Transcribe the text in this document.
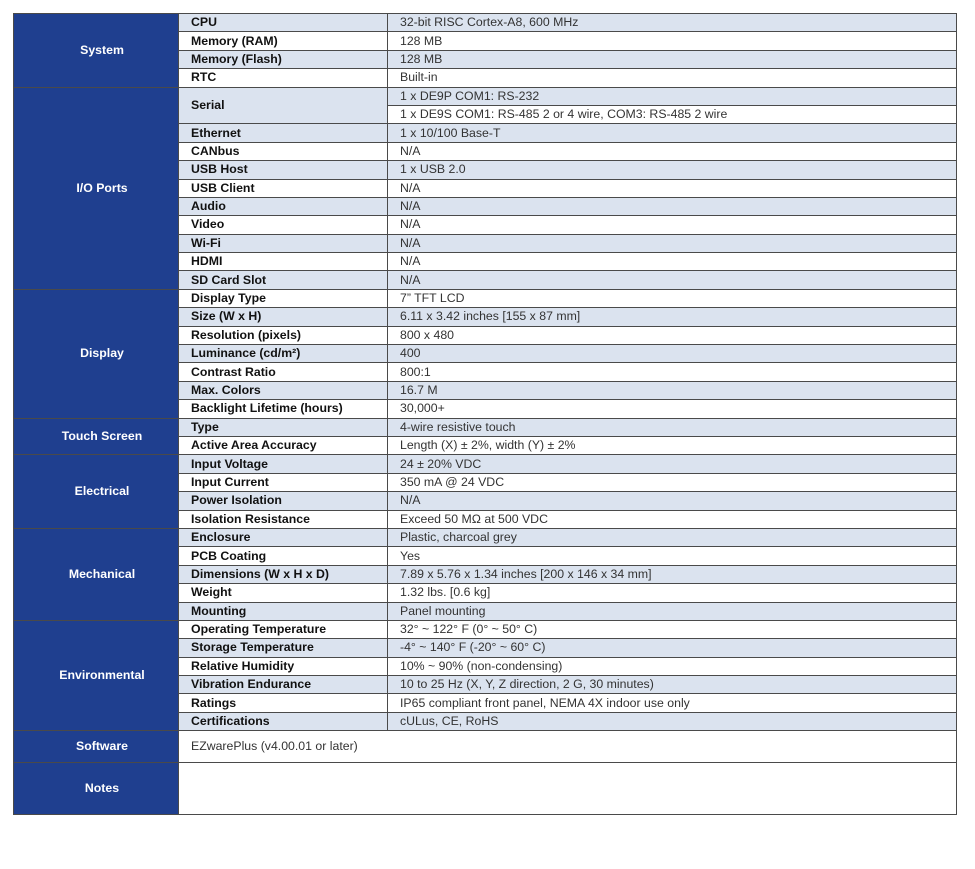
System	CPU	32-bit RISC Cortex-A8, 600 MHz
	Memory (RAM)	128 MB
	Memory (Flash)	128 MB
	RTC	Built-in
I/O Ports	Serial	1 x DE9P COM1: RS-232
		1 x DE9S COM1: RS-485 2 or 4 wire, COM3: RS-485 2 wire
	Ethernet	1 x 10/100 Base-T
	CANbus	N/A
	USB Host	1 x USB 2.0
	USB Client	N/A
	Audio	N/A
	Video	N/A
	Wi-Fi	N/A
	HDMI	N/A
	SD Card Slot	N/A
Display	Display Type	7” TFT LCD
	Size (W x H)	6.11 x 3.42 inches [155 x 87 mm]
	Resolution (pixels)	800 x 480
	Luminance (cd/m²)	400
	Contrast Ratio	800:1
	Max. Colors	16.7 M
	Backlight Lifetime (hours)	30,000+
Touch Screen	Type	4-wire resistive touch
	Active Area Accuracy	Length (X) ± 2%, width (Y) ± 2%
Electrical	Input Voltage	24 ± 20% VDC
	Input Current	350 mA @ 24 VDC
	Power Isolation	N/A
	Isolation Resistance	Exceed 50 MΩ at 500 VDC
Mechanical	Enclosure	Plastic, charcoal grey
	PCB Coating	Yes
	Dimensions (W x H x D)	7.89 x 5.76 x 1.34 inches [200 x 146 x 34 mm]
	Weight	1.32 lbs. [0.6 kg]
	Mounting	Panel mounting
Environmental	Operating Temperature	32° ~ 122° F (0° ~ 50° C)
	Storage Temperature	-4° ~ 140° F (-20° ~ 60° C)
	Relative Humidity	10% ~ 90% (non-condensing)
	Vibration Endurance	10 to 25 Hz (X, Y, Z direction, 2 G, 30 minutes)
	Ratings	IP65 compliant front panel, NEMA 4X indoor use only
	Certifications	cULus, CE, RoHS
Software	EZwarePlus (v4.00.01 or later)	
Notes		
